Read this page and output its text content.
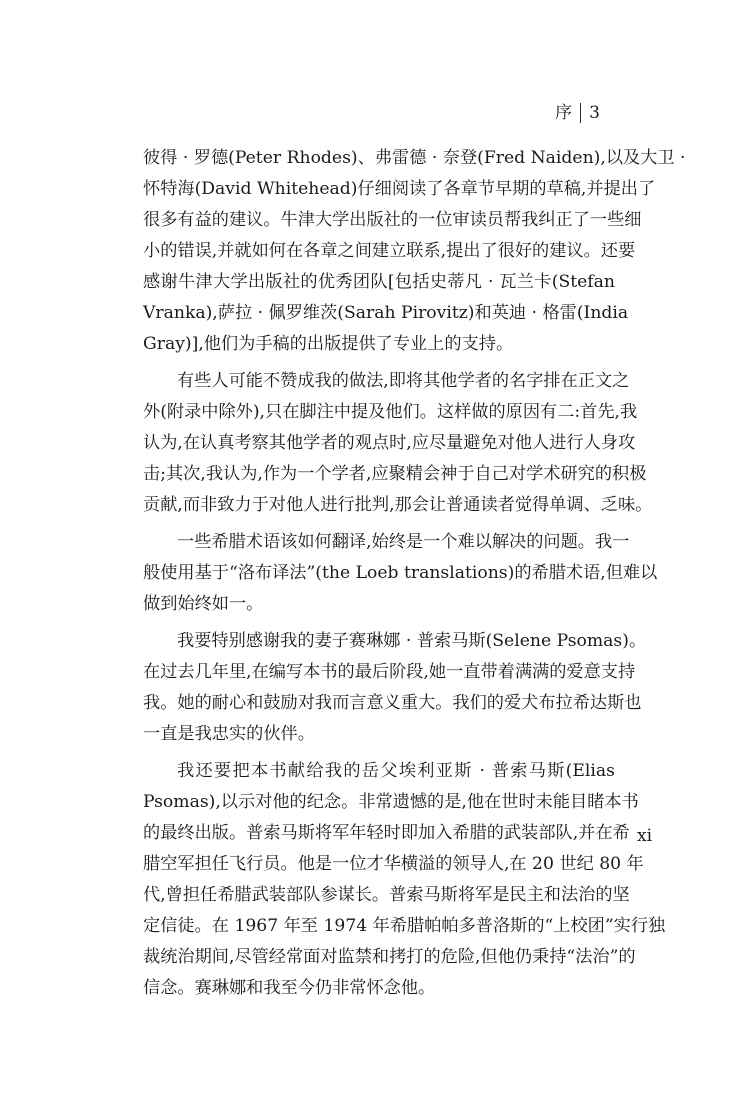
序 3

彼得 · 罗德(Peter Rhodes)、弗雷德 · 奈登(Fred Naiden),以及大卫 ·
怀特海(David Whitehead)仔细阅读了各章节早期的草稿,并提出了
很多有益的建议。牛津大学出版社的一位审读员帮我纠正了一些细
小的错误,并就如何在各章之间建立联系,提出了很好的建议。还要
感谢牛津大学出版社的优秀团队[包括史蒂凡 · 瓦兰卡(Stefan
Vranka),萨拉 · 佩罗维茨(Sarah Pirovitz)和英迪 · 格雷(India
Gray)],他们为手稿的出版提供了专业上的支持。

有些人可能不赞成我的做法,即将其他学者的名字排在正文之
外(附录中除外),只在脚注中提及他们。这样做的原因有二:首先,我
认为,在认真考察其他学者的观点时,应尽量避免对他人进行人身攻
击;其次,我认为,作为一个学者,应聚精会神于自己对学术研究的积极
贡献,而非致力于对他人进行批判,那会让普通读者觉得单调、乏味。

一些希腊术语该如何翻译,始终是一个难以解决的问题。我一
般使用基于“洛布译法”(the Loeb translations)的希腊术语,但难以
做到始终如一。

我要特别感谢我的妻子赛琳娜 · 普索马斯(Selene Psomas)。
在过去几年里,在编写本书的最后阶段,她一直带着满满的爱意支持
我。她的耐心和鼓励对我而言意义重大。我们的爱犬布拉希达斯也
一直是我忠实的伙伴。

我还要把本书献给我的岳父埃利亚斯 · 普索马斯(Elias
Psomas),以示对他的纪念。非常遗憾的是,他在世时未能目睹本书
的最终出版。普索马斯将军年轻时即加入希腊的武装部队,并在希
腊空军担任飞行员。他是一位才华横溢的领导人,在 20 世纪 80 年
代,曾担任希腊武装部队参谋长。普索马斯将军是民主和法治的坚
定信徒。在 1967 年至 1974 年希腊帕帕多普洛斯的“上校团”实行独
裁统治期间,尽管经常面对监禁和拷打的危险,但他仍秉持“法治”的
信念。赛琳娜和我至今仍非常怀念他。

xi
